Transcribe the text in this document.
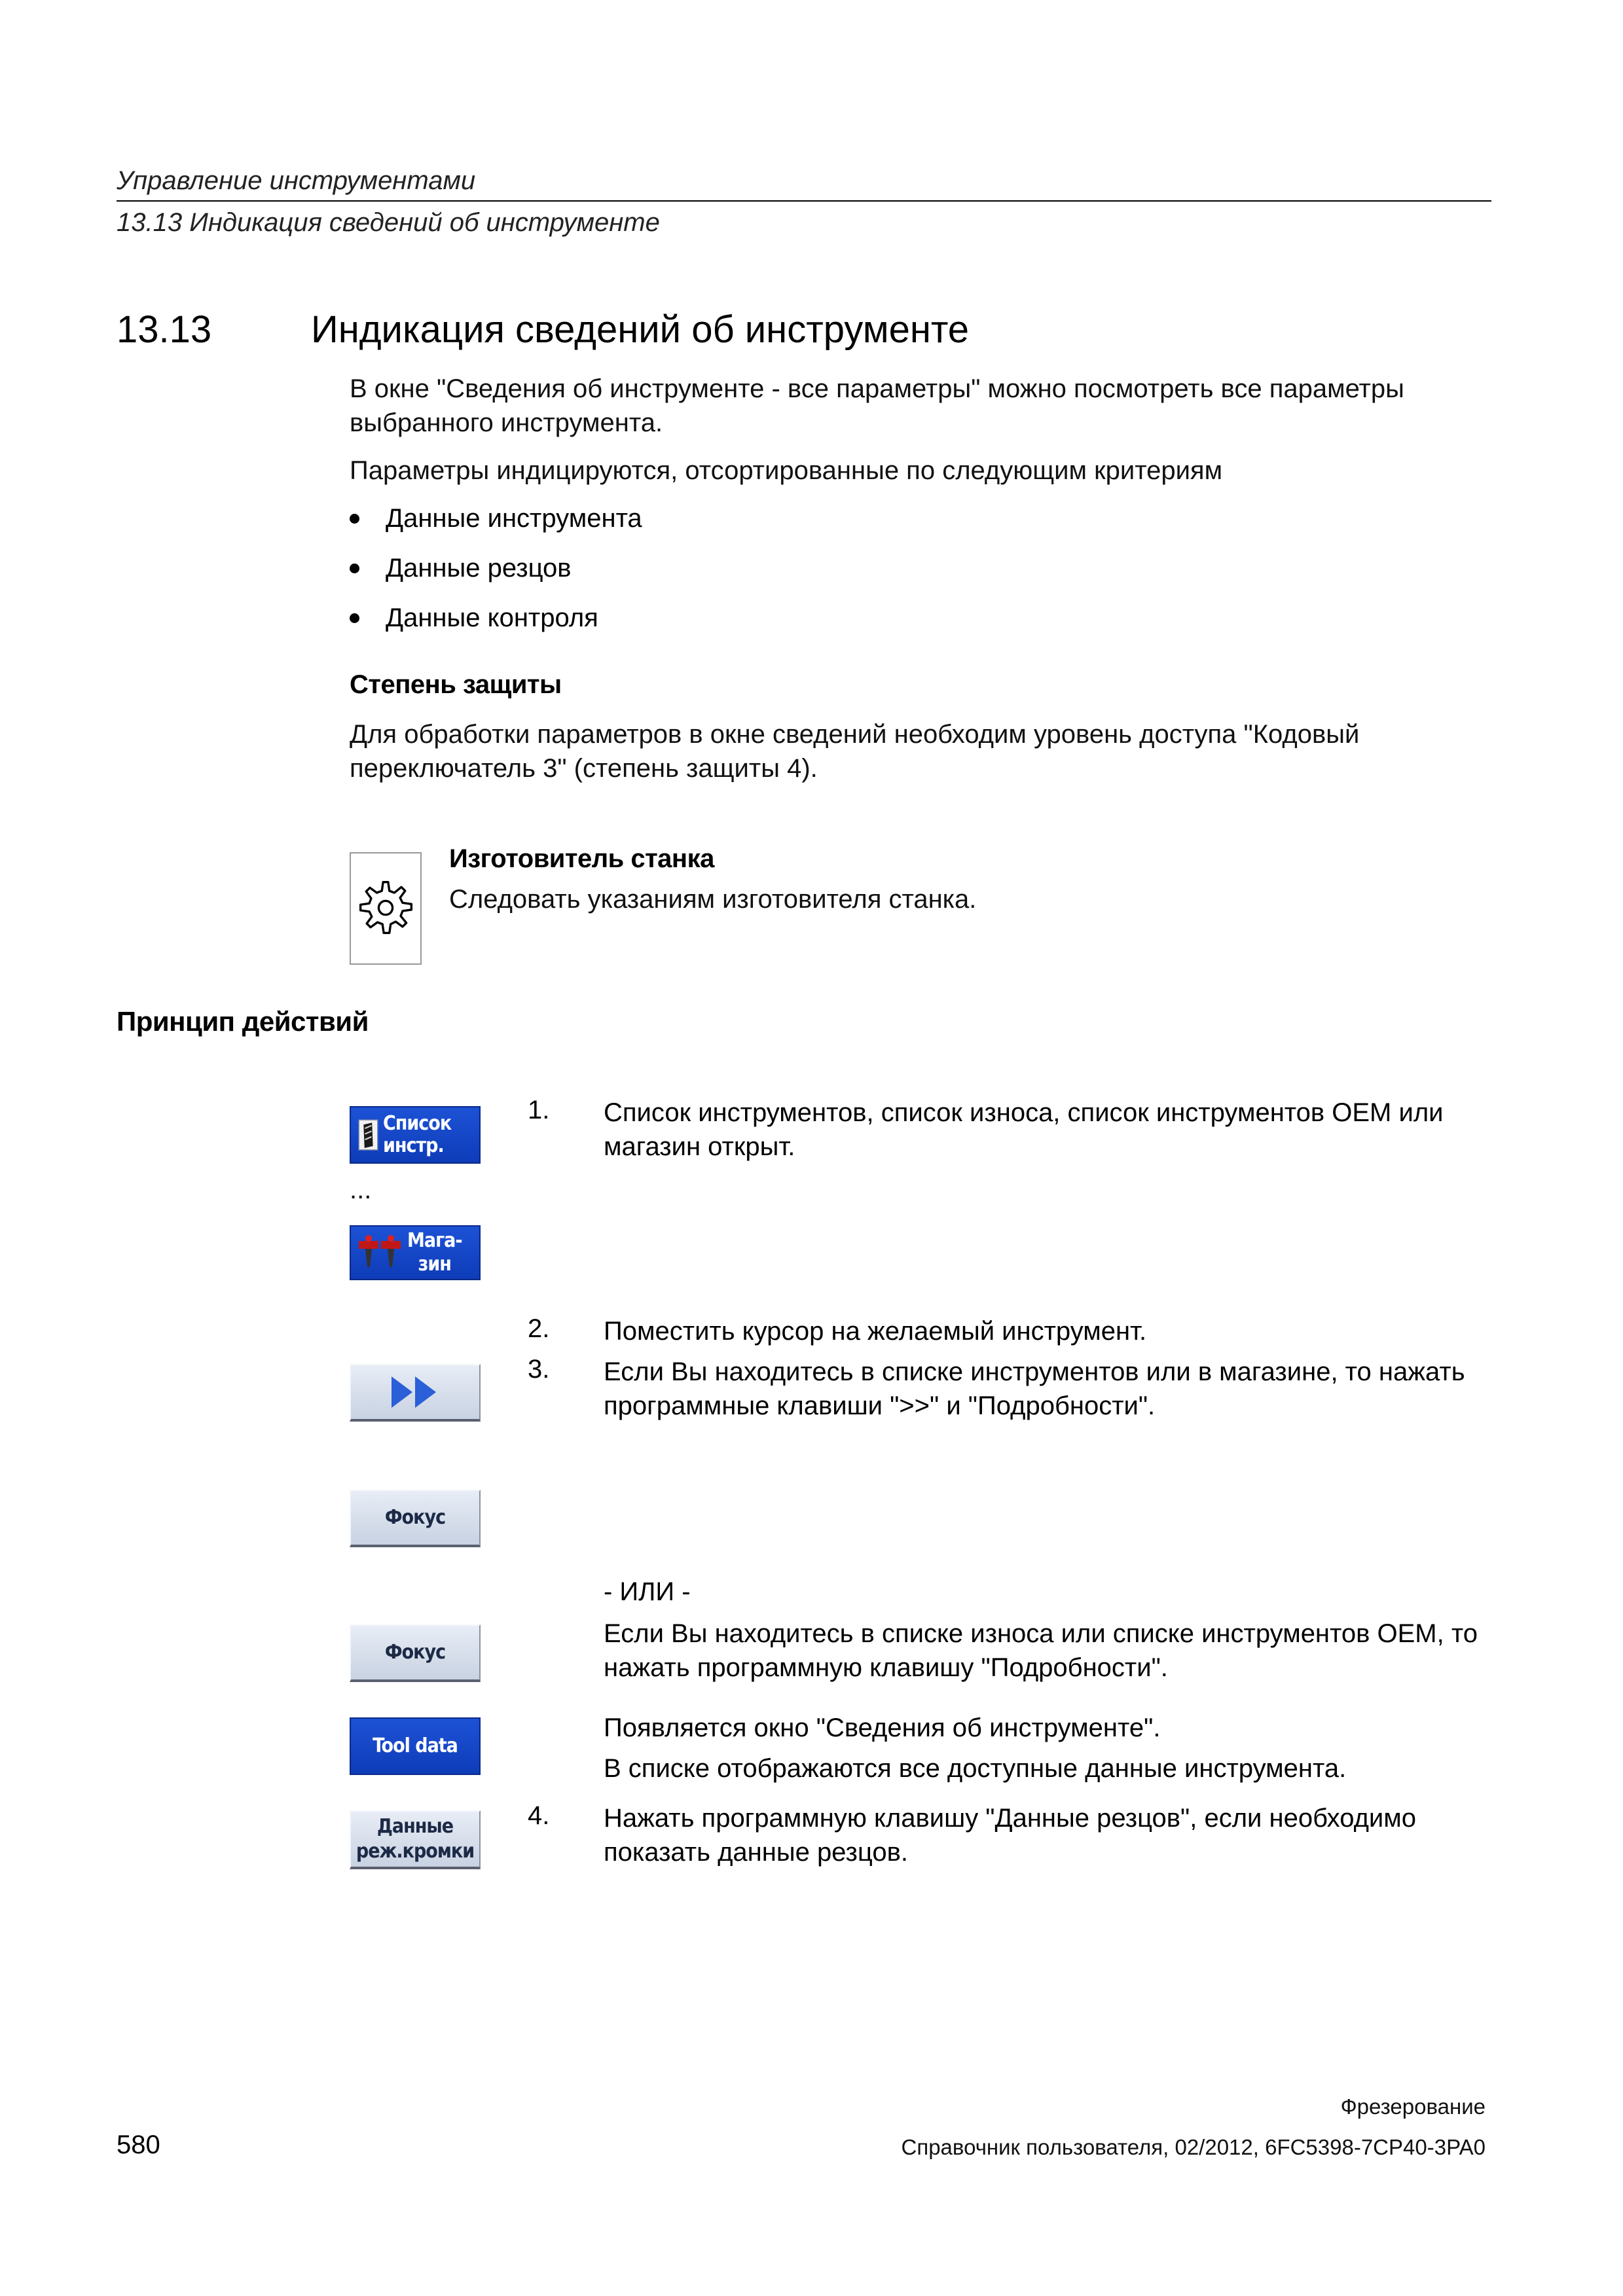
Управление инструментами
13.13 Индикация сведений об инструменте
13.13	Индикация сведений об инструменте
В окне "Сведения об инструменте - все параметры" можно посмотреть все параметры выбранного инструмента.
Параметры индицируются, отсортированные по следующим критериям
Данные инструмента
Данные резцов
Данные контроля
Степень защиты
Для обработки параметров в окне сведений необходим уровень доступа "Кодовый переключатель 3" (степень защиты 4).
Изготовитель станка
Следовать указаниям изготовителя станка.
Принцип действий
Список инстр.
...
Мага-
зин
Фокус
Фокус
Tool data
Данные
реж.кромки
1. Список инструментов, список износа, список инструментов OEM или магазин открыт.
2. Поместить курсор на желаемый инструмент.
3. Если Вы находитесь в списке инструментов или в магазине, то нажать программные клавиши ">>" и "Подробности".
- ИЛИ -
Если Вы находитесь в списке износа или списке инструментов OEM, то нажать программную клавишу "Подробности".
Появляется окно "Сведения об инструменте".
В списке отображаются все доступные данные инструмента.
4. Нажать программную клавишу "Данные резцов", если необходимо показать данные резцов.
Фрезерование
580	Справочник пользователя, 02/2012, 6FC5398-7CP40-3PA0
